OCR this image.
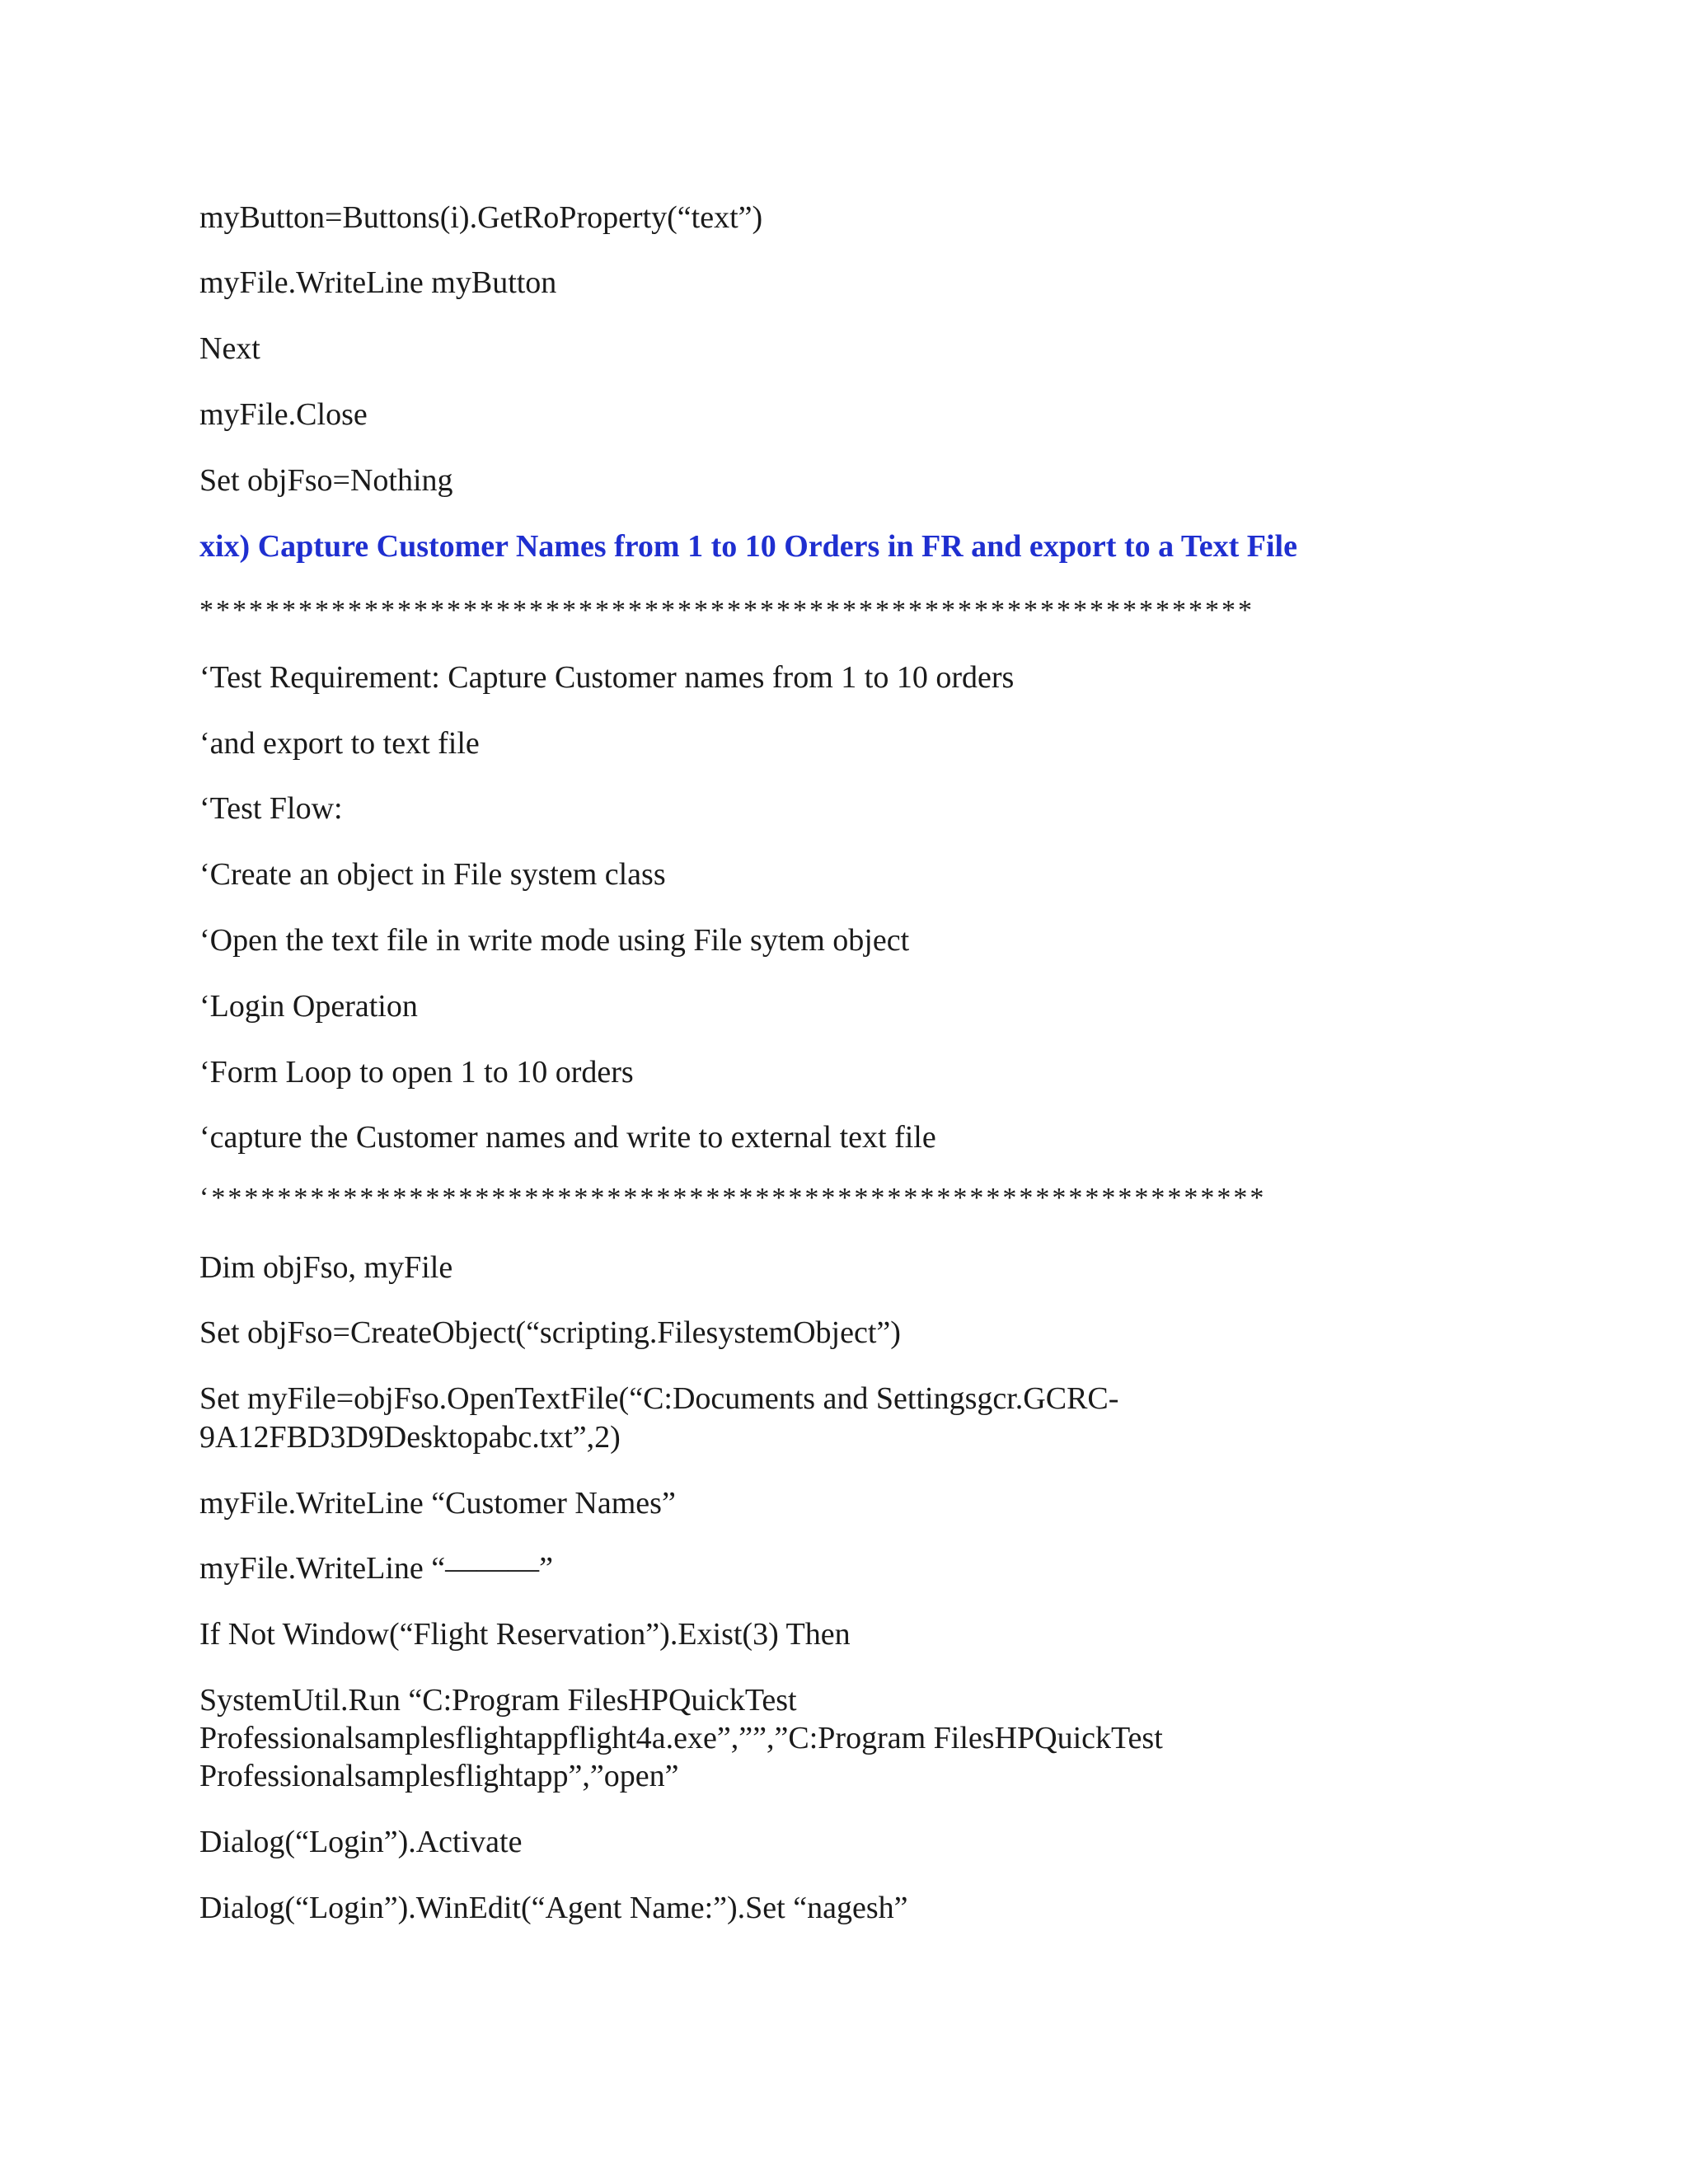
myButton=Buttons(i).GetRoProperty(“text”)
myFile.WriteLine myButton
Next
myFile.Close
Set objFso=Nothing
xix) Capture Customer Names from 1 to 10 Orders in FR and export to a Text File
****************************************************************
‘Test Requirement: Capture Customer names from 1 to 10 orders
‘and export to text file
‘Test Flow:
‘Create an object in File system class
‘Open the text file in write mode using File sytem object
‘Login Operation
‘Form Loop to open 1 to 10 orders
‘capture the Customer names and write to external text file
‘****************************************************************
Dim objFso, myFile
Set objFso=CreateObject(“scripting.FilesystemObject”)
Set myFile=objFso.OpenTextFile(“C:Documents and Settingsgcr.GCRC-
9A12FBD3D9Desktopabc.txt”,2)
myFile.WriteLine “Customer Names”
myFile.WriteLine “———”
If Not Window(“Flight Reservation”).Exist(3) Then
SystemUtil.Run “C:Program FilesHPQuickTest
Professionalsamplesflightappflight4a.exe”,””,”C:Program FilesHPQuickTest
Professionalsamplesflightapp”,”open”
Dialog(“Login”).Activate
Dialog(“Login”).WinEdit(“Agent Name:”).Set “nagesh”
